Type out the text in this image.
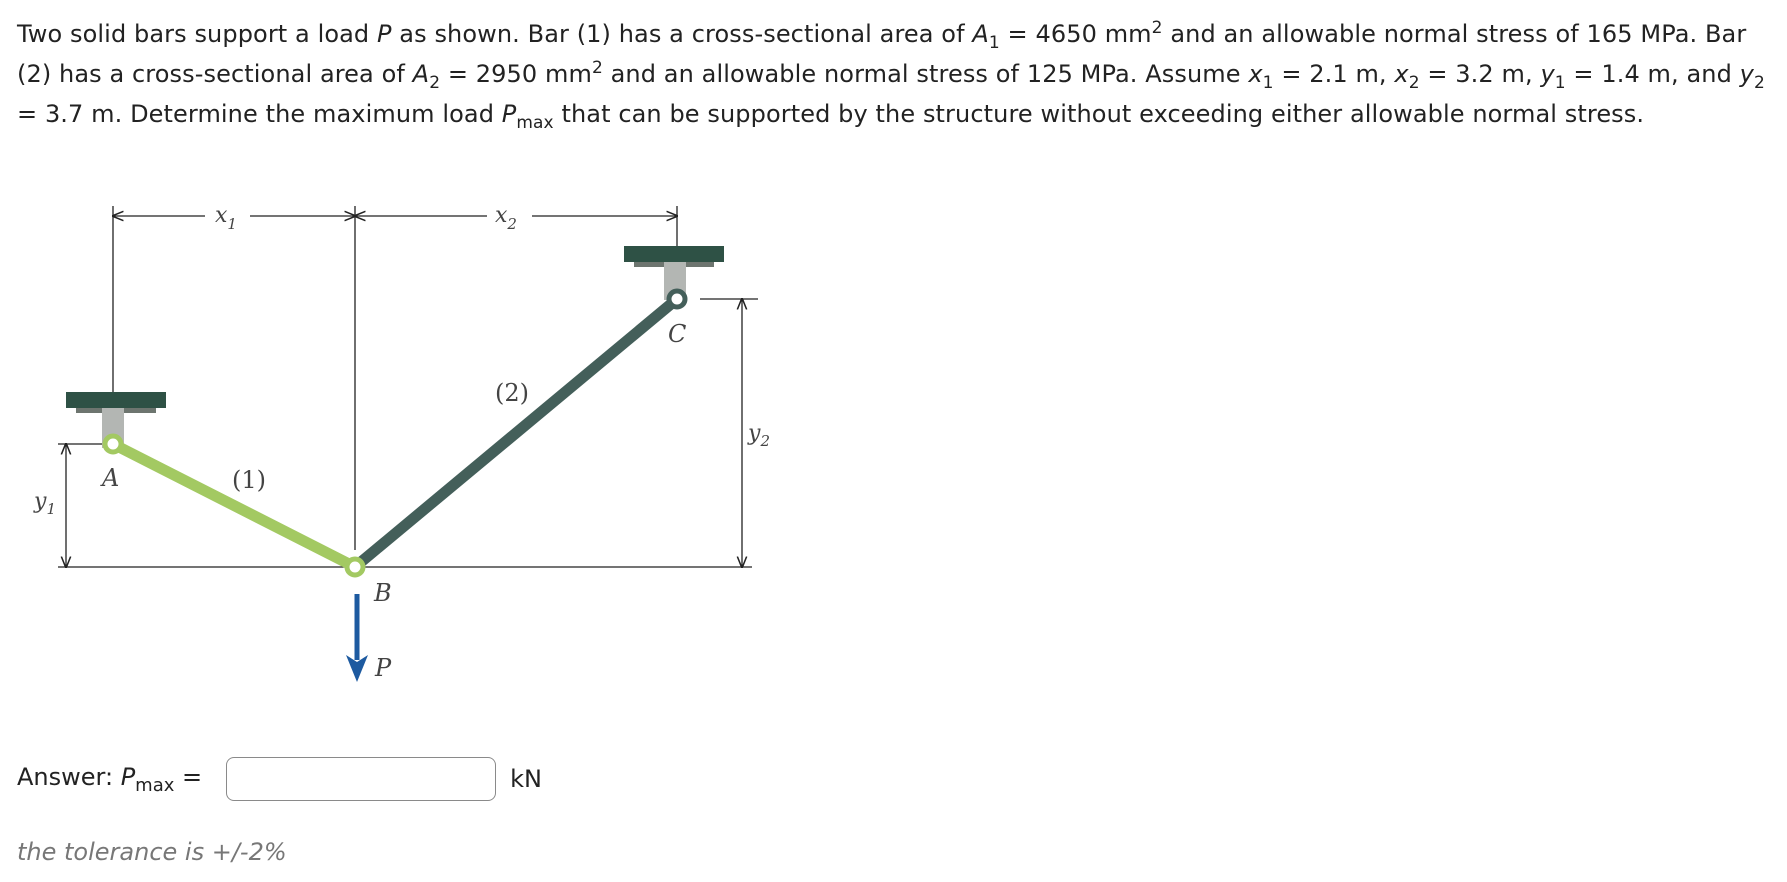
Two solid bars support a load P as shown. Bar (1) has a cross-sectional area of $A_1 = 4650$ $mm^2$ and an allowable normal stress of 165 MPa. Bar (2) has a cross-sectional area of $A_2 = 2950$ $mm^2$ and an allowable normal stress of 125 MPa. Assume $x_1 = 2.1$ m, $x_2 = 3.2$ m, $y_1 = 1.4$ m, and $y_2 = 3.7$ m. Determine the maximum load $P_{max}$ that can be supported by the structure without exceeding either allowable normal stress.
$x_1$	$x_2$
$y_1$
$y_2$
A
B
C
P
(1)
(2)
Answer: $P_{max}$ =	kN
the tolerance is +/-2%
